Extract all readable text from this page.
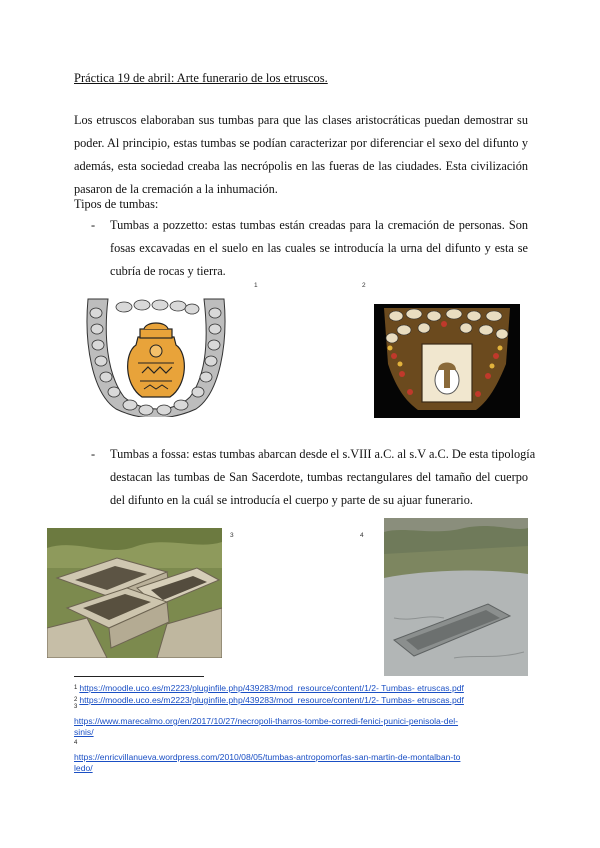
Práctica 19 de abril: Arte funerario de los etruscos.

Los etruscos elaboraban sus tumbas para que las clases aristocráticas puedan demostrar su
poder. Al principio, estas tumbas se podían caracterizar por diferenciar el sexo del difunto y
además, esta sociedad creaba las necrópolis en las fueras de las ciudades. Esta civilización
pasaron de la cremación a la inhumación.

Tipos de tumbas:
- Tumbas a pozzetto: estas tumbas están creadas para la cremación de personas. Son
fosas excavadas en el suelo en las cuales se introducía la urna del difunto y esta se
cubría de rocas y tierra.

1	2
- Tumbas a fossa: estas tumbas abarcan desde el s.VIII a.C. al s.V a.C. De esta tipología
destacan las tumbas de San Sacerdote, tumbas rectangulares del tamaño del cuerpo
del difunto en la cuál se introducía el cuerpo y parte de su ajuar funerario.

3	4
$^1$ https://moodle.uco.es/m2223/pluginfile.php/439283/mod_resource/content/1/2- Tumbas- etruscas.pdf
$^2$ https://moodle.uco.es/m2223/pluginfile.php/439283/mod_resource/content/1/2- Tumbas- etruscas.pdf
3
https://www.marecalmo.org/en/2017/10/27/necropoli-tharros-tombe-corredi-fenici-punici-penisola-del-
sinis/
4
https://enricvillanueva.wordpress.com/2010/08/05/tumbas-antropomorfas-san-martin-de-montalban-to
ledo/
